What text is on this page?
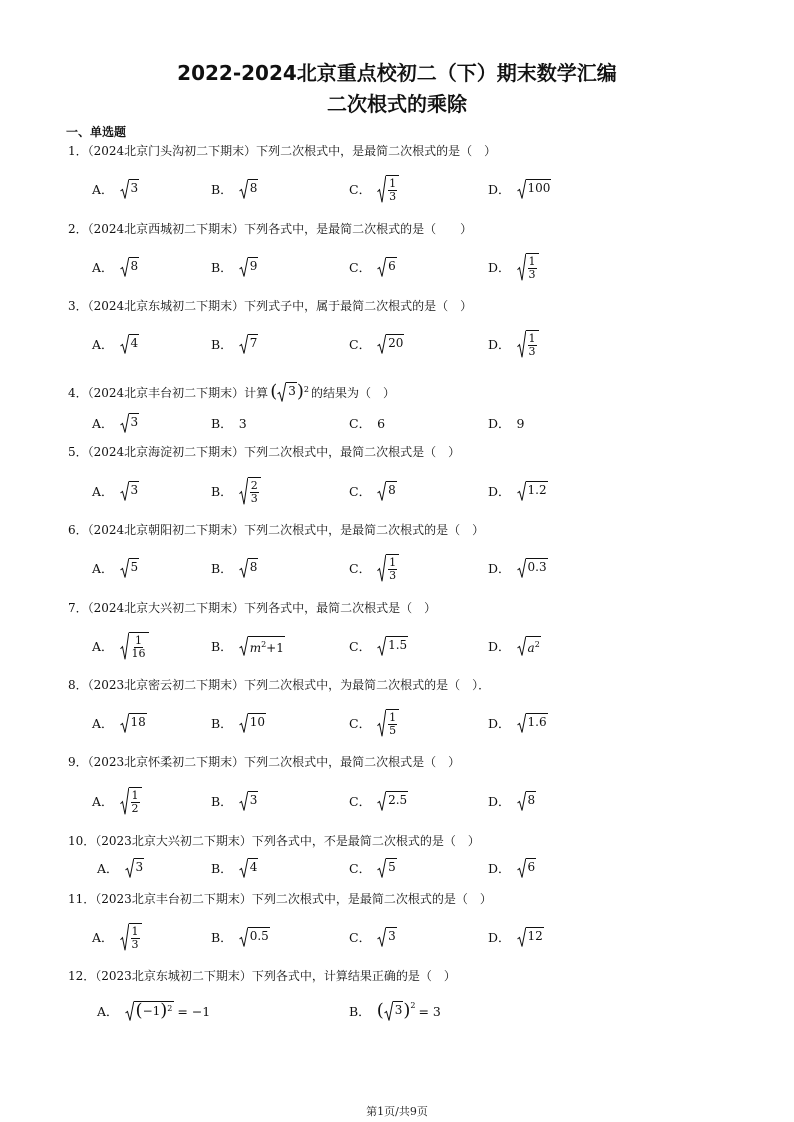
2022-2024北京重点校初二（下）期末数学汇编
二次根式的乘除
一、单选题
1．（2024北京门头沟初二下期末）下列二次根式中，是最简二次根式的是（　）
A． 3	B． 8	C． $\frac{1}{3}$	D． 100
2．（2024北京西城初二下期末）下列各式中，是最简二次根式的是（　　）
A． 8	B． 9	C． 6	D． $\frac{1}{3}$
3．（2024北京东城初二下期末）下列式子中，属于最简二次根式的是（　）
A． 4	B． 7	C． 20	D． $\frac{1}{3}$
4．（2024北京丰台初二下期末）计算 ( 3 ) 2 的结果为（　）
A． 3	B． 3	C． 6	D． 9
5．（2024北京海淀初二下期末）下列二次根式中，最简二次根式是（　）
A． 3	B． $\frac{2}{3}$	C． 8	D． 1.2
6．（2024北京朝阳初二下期末）下列二次根式中，是最简二次根式的是（　）
A． 5	B． 8	C． $\frac{1}{3}$	D． 0.3
7．（2024北京大兴初二下期末）下列各式中，最简二次根式是（　）
A． $\frac{1}{16}$	B． $m^2+1$	C． 1.5	D． $a^2$
8．（2023北京密云初二下期末）下列二次根式中，为最简二次根式的是（　）．
A． 18	B． 10	C． $\frac{1}{5}$	D． 1.6
9．（2023北京怀柔初二下期末）下列二次根式中，最简二次根式是（　）
A． $\frac{1}{2}$	B． 3	C． 2.5	D． 8
10．（2023北京大兴初二下期末）下列各式中，不是最简二次根式的是（　）
A． 3	B． 4	C． 5	D． 6
11．（2023北京丰台初二下期末）下列二次根式中，是最简二次根式的是（　）
A． $\frac{1}{3}$	B． 0.5	C． 3	D． 12
12．（2023北京东城初二下期末）下列各式中，计算结果正确的是（　）
A． ( −1 ) 2 = −1	B． ( 3 )$^2$ = 3
第1页/共9页
